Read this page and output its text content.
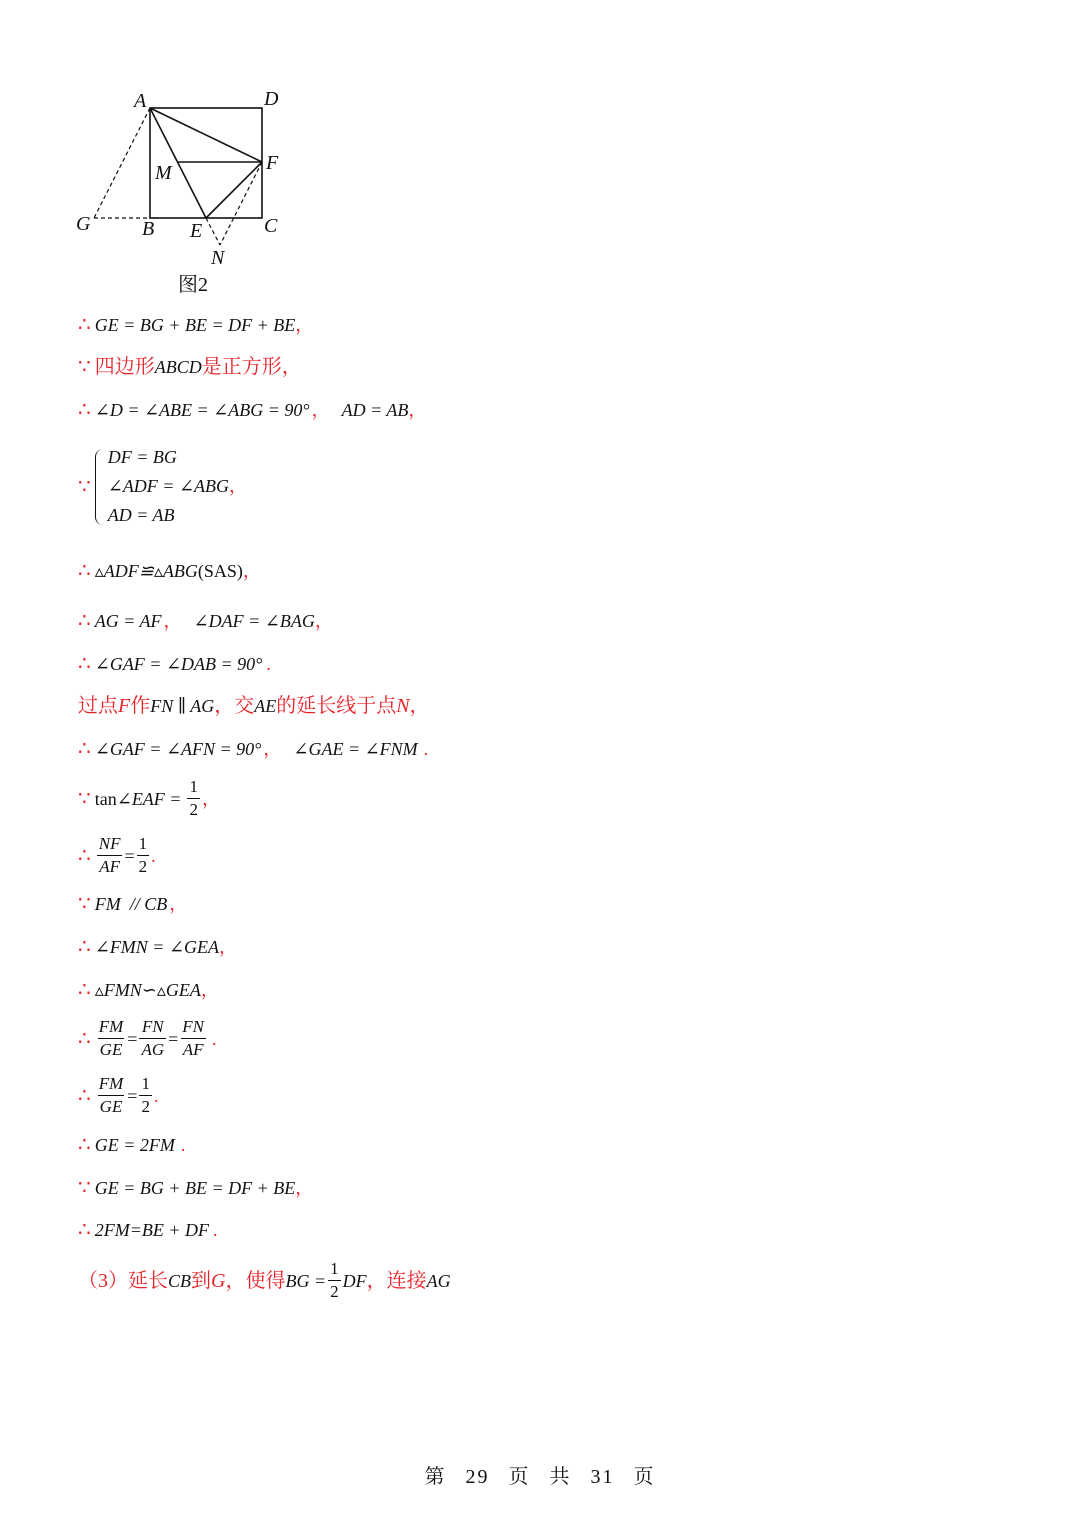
A	D
M	F
G	B E	C
N
图2
∴ GE = BG + BE = DF + BE ，
∵ 四边形 ABCD 是正方形，
∴ ∠D = ∠ABE = ∠ABG = 90° ， AD = AB ，
∵
DF = BG
∠ADF = ∠ABG，
AD = AB
∴ ▵ADF≌▵ABG (SAS) ，
∴ AG = AF ， ∠DAF = ∠BAG ，
∴ ∠GAF = ∠DAB = 90° .
过点 F 作 FN ∥ AG ，交 AE 的延长线于点 N ，
∴ ∠GAF = ∠AFN = 90° ， ∠GAE = ∠FNM .
∵ tan ∠EAF = $\frac{1}{2}$ ，
∴ $\frac{NF}{AF} = \frac{1}{2}$ .
∵ FM  // CB ，
∴ ∠FMN = ∠GEA ，
∴ ▵FMN∽▵GEA ，
∴ $\frac{FM}{GE} = \frac{FN}{AG} = \frac{FN}{AF}$ .
∴ $\frac{FM}{GE} = \frac{1}{2}$ .
∴ GE = 2FM .
∵ GE = BG + BE = DF + BE ，
∴ 2FM=BE + DF .
（3）延长 CB 到 G ，使得 BG = $\frac{1}{2}$ DF ，连接 AG
第 29 页 共 31 页
